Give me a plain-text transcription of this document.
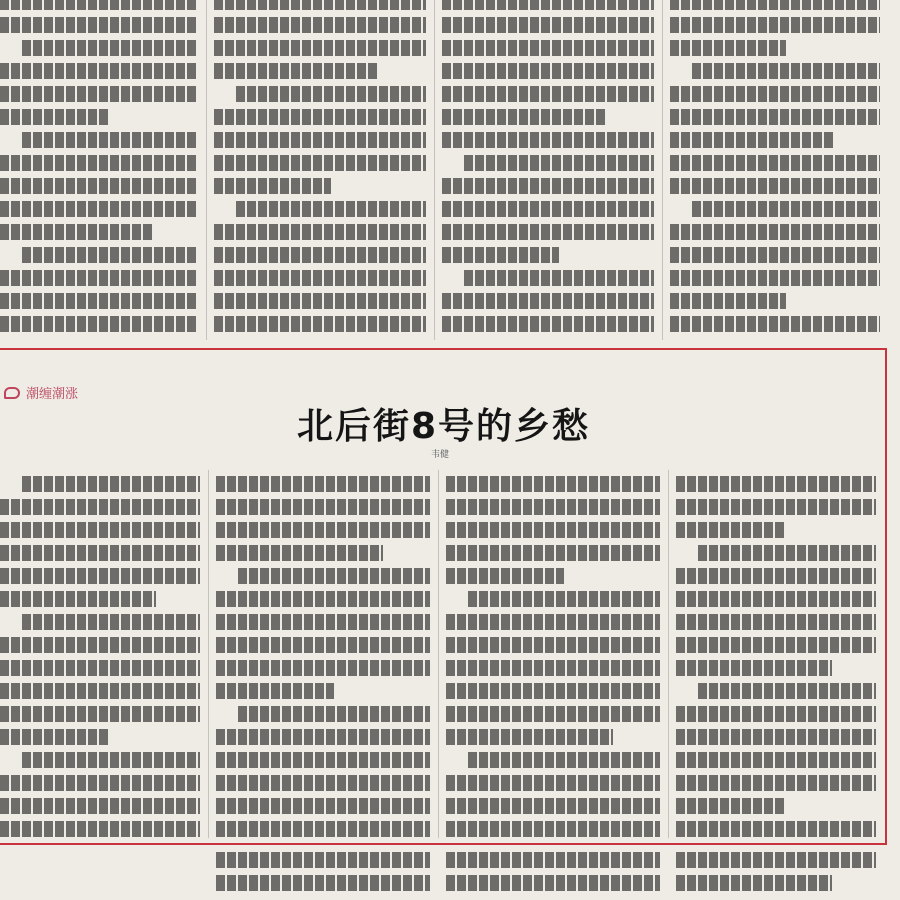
潮缠潮涨
北后街8号的乡愁
韦健
